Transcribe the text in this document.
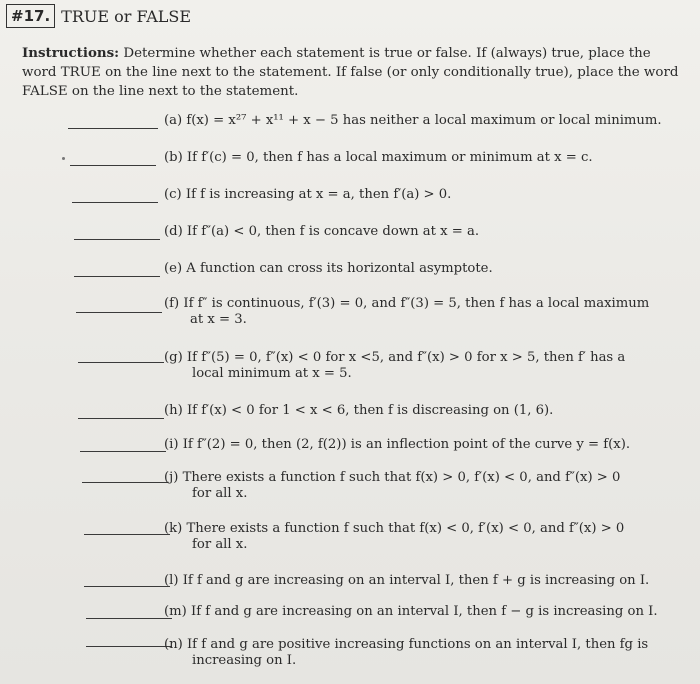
#17. TRUE or FALSE
Instructions: Determine whether each statement is true or false. If (always) true, place the word TRUE on the line next to the statement. If false (or only conditionally true), place the word FALSE on the line next to the statement.
(a) f(x) = x²⁷ + x¹¹ + x − 5 has neither a local maximum or local minimum.
(b) If f′(c) = 0, then f has a local maximum or minimum at x = c.
(c) If f is increasing at x = a, then f′(a) > 0.
(d) If f″(a) < 0, then f is concave down at x = a.
(e) A function can cross its horizontal asymptote.
(f) If f″ is continuous, f′(3) = 0, and f″(3) = 5, then f has a local maximum
at x = 3.
(g) If f″(5) = 0, f″(x) < 0 for x <5, and f″(x) > 0 for x > 5, then f′ has a
local minimum at x = 5.
(h) If f′(x) < 0 for 1 < x < 6, then f is discreasing on (1, 6).
(i) If f″(2) = 0, then (2, f(2)) is an inflection point of the curve y = f(x).
(j) There exists a function f such that f(x) > 0, f′(x) < 0, and f″(x) > 0
for all x.
(k) There exists a function f such that f(x) < 0, f′(x) < 0, and f″(x) > 0
for all x.
(l) If f and g are increasing on an interval I, then f + g is increasing on I.
(m) If f and g are increasing on an interval I, then f − g is increasing on I.
(n) If f and g are positive increasing functions on an interval I, then fg is
increasing on I.
